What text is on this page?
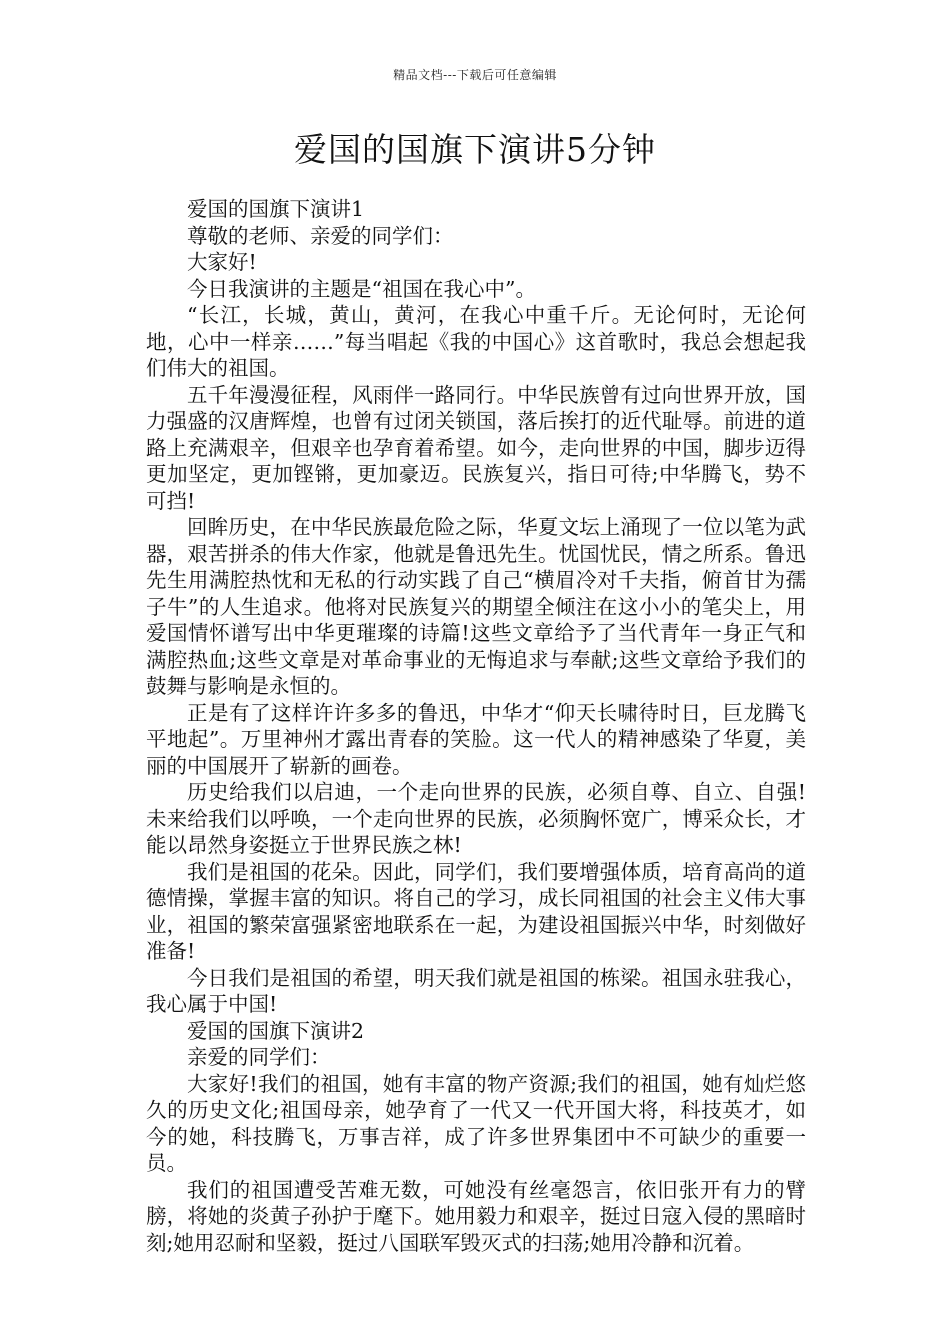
精品文档---下载后可任意编辑
爱国的国旗下演讲5分钟

爱国的国旗下演讲1

尊敬的老师、亲爱的同学们：

大家好!

今日我演讲的主题是“祖国在我心中”。

“长江，长城，黄山，黄河，在我心中重千斤。无论何时，无论何地，心中一样亲……”每当唱起《我的中国心》这首歌时，我总会想起我们伟大的祖国。

五千年漫漫征程，风雨伴一路同行。中华民族曾有过向世界开放，国力强盛的汉唐辉煌，也曾有过闭关锁国，落后挨打的近代耻辱。前进的道路上充满艰辛，但艰辛也孕育着希望。如今，走向世界的中国，脚步迈得更加坚定，更加铿锵，更加豪迈。民族复兴，指日可待;中华腾飞，势不可挡!

回眸历史，在中华民族最危险之际，华夏文坛上涌现了一位以笔为武器，艰苦拼杀的伟大作家，他就是鲁迅先生。忧国忧民，情之所系。鲁迅先生用满腔热忱和无私的行动实践了自己“横眉冷对千夫指，俯首甘为孺子牛”的人生追求。他将对民族复兴的期望全倾注在这小小的笔尖上，用爱国情怀谱写出中华更璀璨的诗篇!这些文章给予了当代青年一身正气和满腔热血;这些文章是对革命事业的无悔追求与奉献;这些文章给予我们的鼓舞与影响是永恒的。

正是有了这样许许多多的鲁迅，中华才“仰天长啸待时日，巨龙腾飞平地起”。万里神州才露出青春的笑脸。这一代人的精神感染了华夏，美丽的中国展开了崭新的画卷。

历史给我们以启迪，一个走向世界的民族，必须自尊、自立、自强!未来给我们以呼唤，一个走向世界的民族，必须胸怀宽广，博采众长，才能以昂然身姿挺立于世界民族之林!

我们是祖国的花朵。因此，同学们，我们要增强体质，培育高尚的道德情操，掌握丰富的知识。将自己的学习，成长同祖国的社会主义伟大事业，祖国的繁荣富强紧密地联系在一起，为建设祖国振兴中华，时刻做好准备!

今日我们是祖国的希望，明天我们就是祖国的栋梁。祖国永驻我心，我心属于中国!

爱国的国旗下演讲2

亲爱的同学们：

大家好!我们的祖国，她有丰富的物产资源;我们的祖国，她有灿烂悠久的历史文化;祖国母亲，她孕育了一代又一代开国大将，科技英才，如今的她，科技腾飞，万事吉祥，成了许多世界集团中不可缺少的重要一员。

我们的祖国遭受苦难无数，可她没有丝毫怨言，依旧张开有力的臂膀，将她的炎黄子孙护于麾下。她用毅力和艰辛，挺过日寇入侵的黑暗时刻;她用忍耐和坚毅，挺过八国联军毁灭式的扫荡;她用冷静和沉着。
